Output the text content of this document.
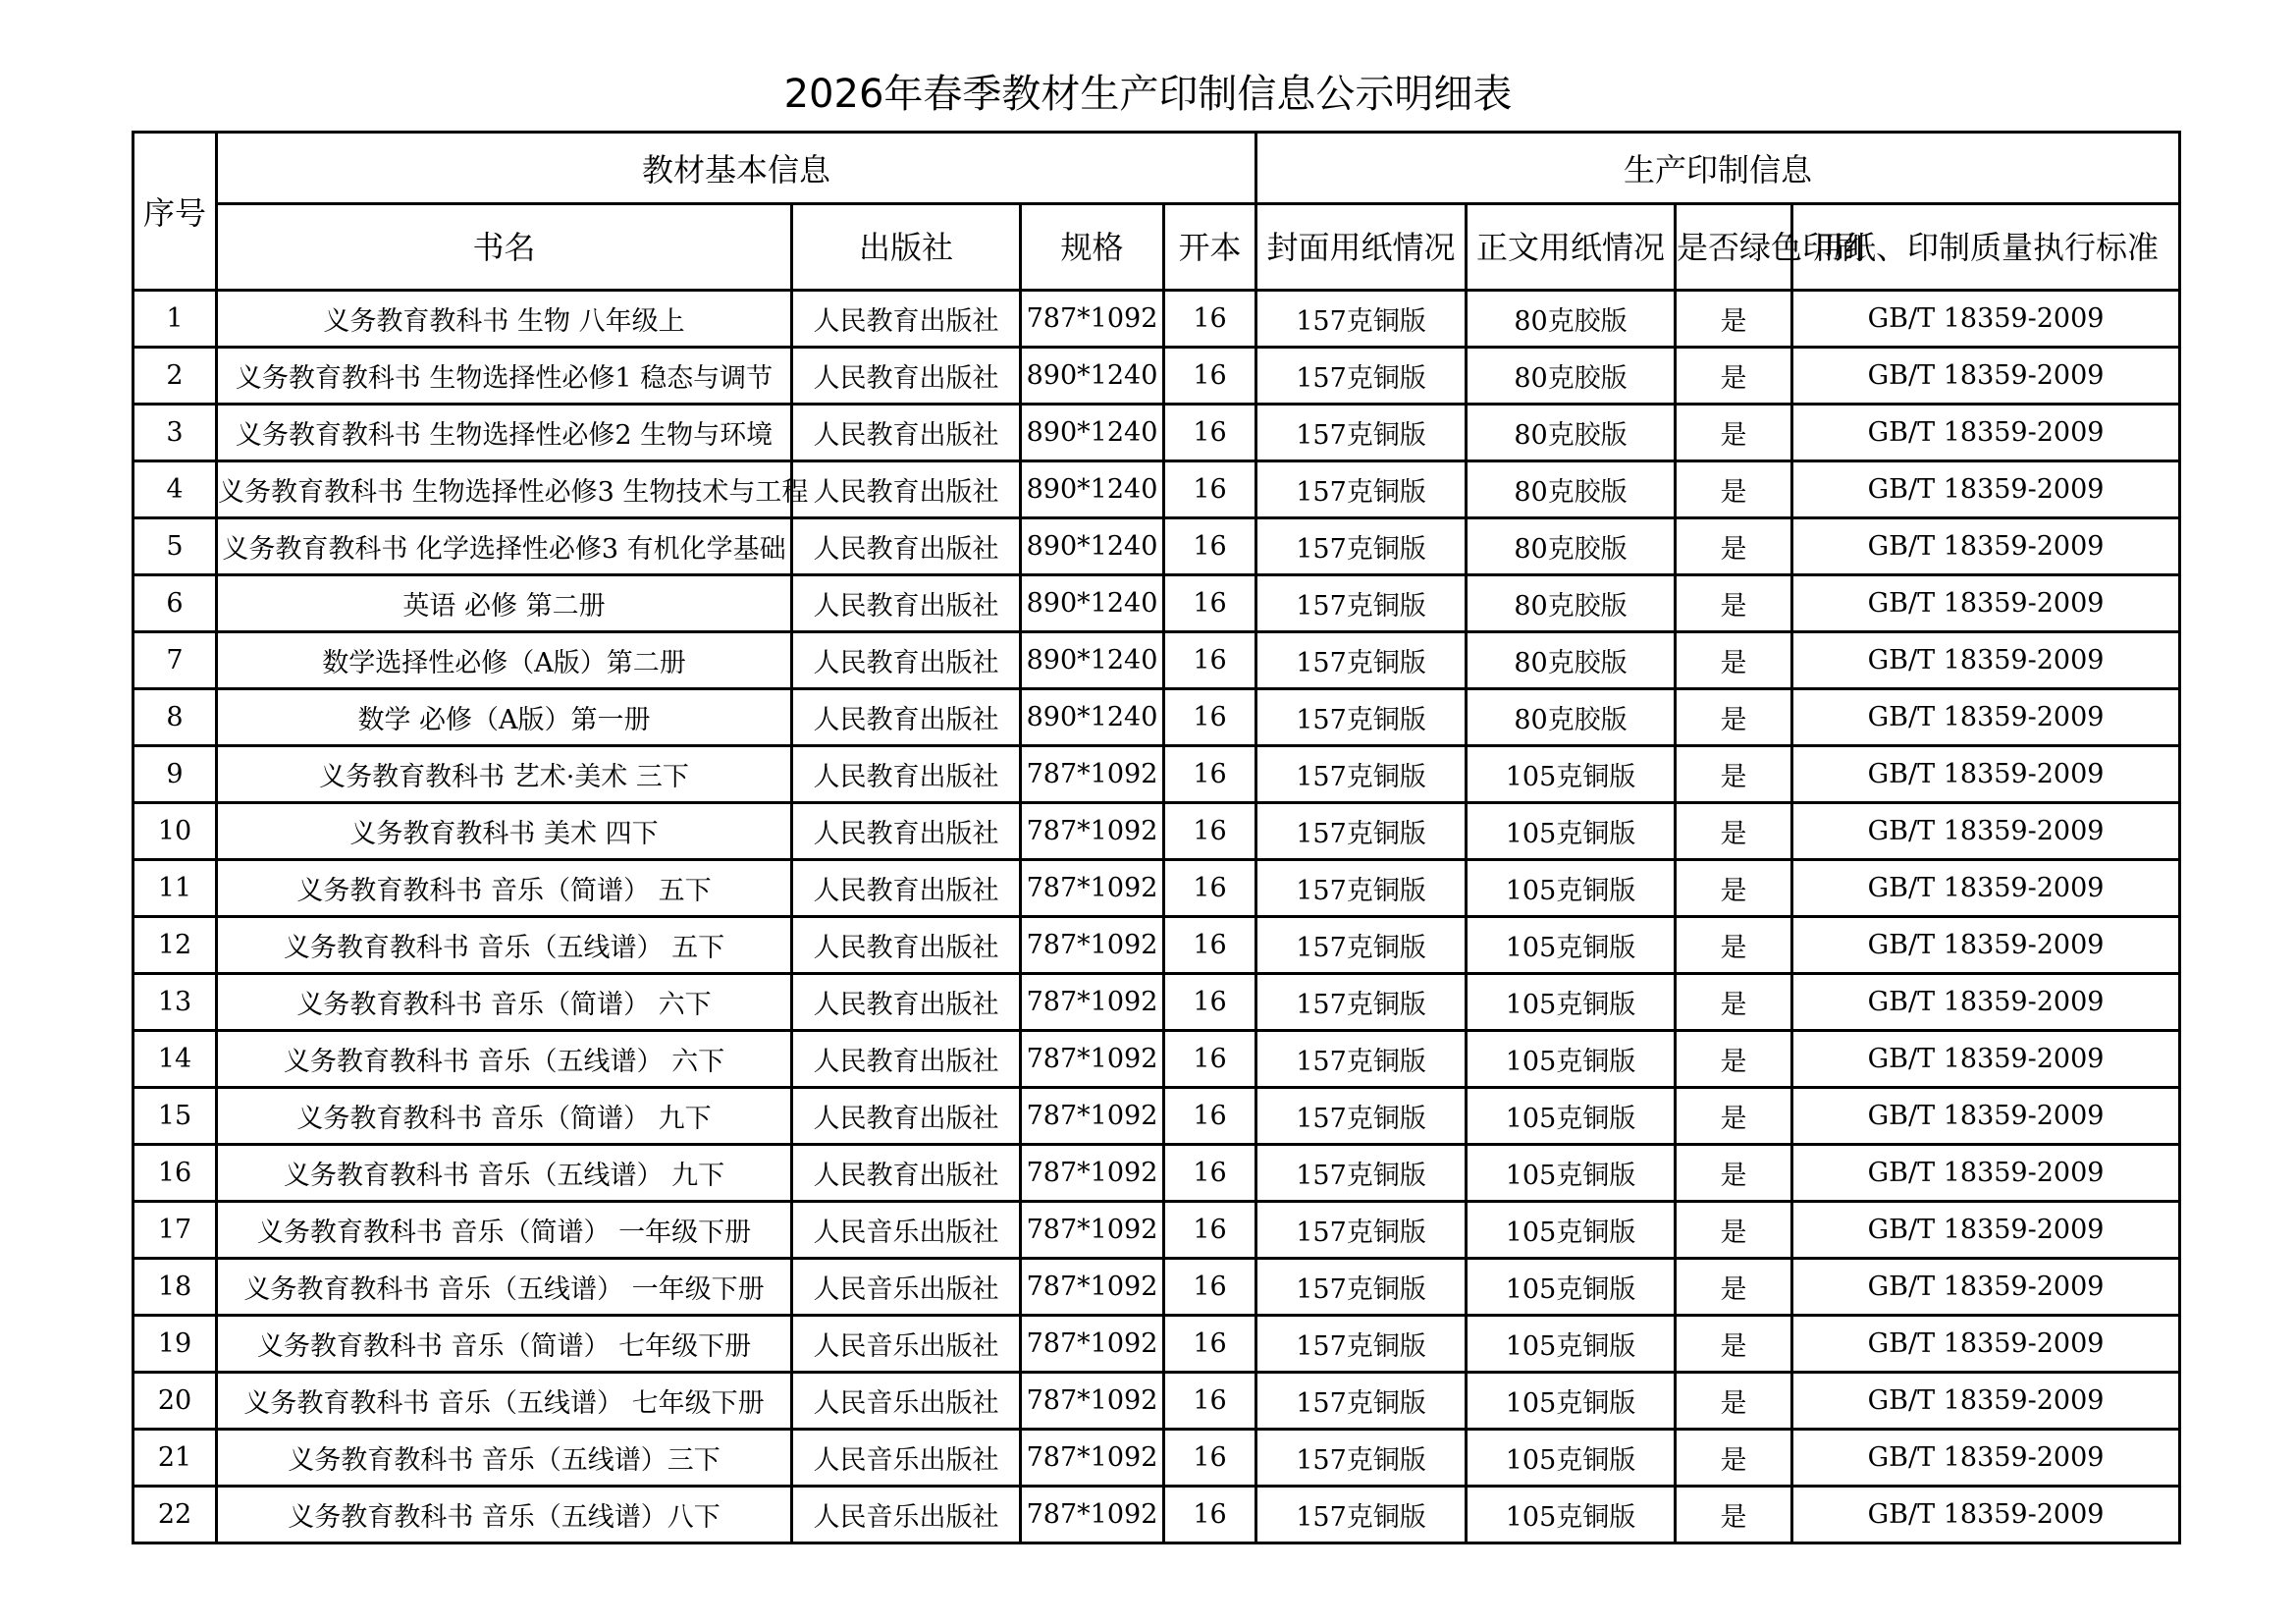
2026年春季教材生产印制信息公示明细表
序号	教材基本信息				生产印制信息			
	书名	出版社	规格	开本	封面用纸情况	正文用纸情况	是否绿色印刷	用纸、印制质量执行标准
1	义务教育教科书 生物 八年级上	人民教育出版社	787*1092	16	157克铜版	80克胶版	是	GB/T 18359-2009
2	义务教育教科书 生物选择性必修1 稳态与调节	人民教育出版社	890*1240	16	157克铜版	80克胶版	是	GB/T 18359-2009
3	义务教育教科书 生物选择性必修2 生物与环境	人民教育出版社	890*1240	16	157克铜版	80克胶版	是	GB/T 18359-2009
4	义务教育教科书 生物选择性必修3 生物技术与工程	人民教育出版社	890*1240	16	157克铜版	80克胶版	是	GB/T 18359-2009
5	义务教育教科书 化学选择性必修3 有机化学基础	人民教育出版社	890*1240	16	157克铜版	80克胶版	是	GB/T 18359-2009
6	英语 必修 第二册	人民教育出版社	890*1240	16	157克铜版	80克胶版	是	GB/T 18359-2009
7	数学选择性必修（A版）第二册	人民教育出版社	890*1240	16	157克铜版	80克胶版	是	GB/T 18359-2009
8	数学 必修（A版）第一册	人民教育出版社	890*1240	16	157克铜版	80克胶版	是	GB/T 18359-2009
9	义务教育教科书 艺术·美术 三下	人民教育出版社	787*1092	16	157克铜版	105克铜版	是	GB/T 18359-2009
10	义务教育教科书 美术 四下	人民教育出版社	787*1092	16	157克铜版	105克铜版	是	GB/T 18359-2009
11	义务教育教科书 音乐（简谱） 五下	人民教育出版社	787*1092	16	157克铜版	105克铜版	是	GB/T 18359-2009
12	义务教育教科书 音乐（五线谱） 五下	人民教育出版社	787*1092	16	157克铜版	105克铜版	是	GB/T 18359-2009
13	义务教育教科书 音乐（简谱） 六下	人民教育出版社	787*1092	16	157克铜版	105克铜版	是	GB/T 18359-2009
14	义务教育教科书 音乐（五线谱） 六下	人民教育出版社	787*1092	16	157克铜版	105克铜版	是	GB/T 18359-2009
15	义务教育教科书 音乐（简谱） 九下	人民教育出版社	787*1092	16	157克铜版	105克铜版	是	GB/T 18359-2009
16	义务教育教科书 音乐（五线谱） 九下	人民教育出版社	787*1092	16	157克铜版	105克铜版	是	GB/T 18359-2009
17	义务教育教科书 音乐（简谱） 一年级下册	人民音乐出版社	787*1092	16	157克铜版	105克铜版	是	GB/T 18359-2009
18	义务教育教科书 音乐（五线谱） 一年级下册	人民音乐出版社	787*1092	16	157克铜版	105克铜版	是	GB/T 18359-2009
19	义务教育教科书 音乐（简谱） 七年级下册	人民音乐出版社	787*1092	16	157克铜版	105克铜版	是	GB/T 18359-2009
20	义务教育教科书 音乐（五线谱） 七年级下册	人民音乐出版社	787*1092	16	157克铜版	105克铜版	是	GB/T 18359-2009
21	义务教育教科书 音乐（五线谱）三下	人民音乐出版社	787*1092	16	157克铜版	105克铜版	是	GB/T 18359-2009
22	义务教育教科书 音乐（五线谱）八下	人民音乐出版社	787*1092	16	157克铜版	105克铜版	是	GB/T 18359-2009
